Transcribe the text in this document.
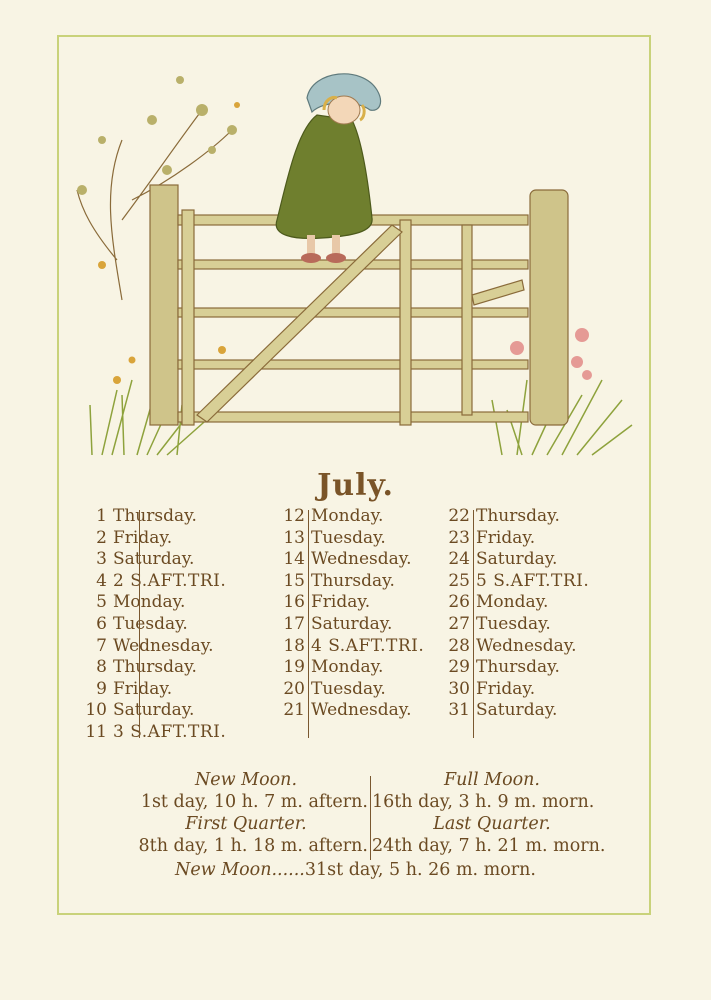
July.
1 Thursday.
2 Friday.
3 Saturday.
4 2 S.AFT.TRI.
5 Monday.
6 Tuesday.
7 Wednesday.
8 Thursday.
9 Friday.
10 Saturday.
11 3 S.AFT.TRI.
12 Monday.
13 Tuesday.
14 Wednesday.
15 Thursday.
16 Friday.
17 Saturday.
18 4 S.AFT.TRI.
19 Monday.
20 Tuesday.
21 Wednesday.
22 Thursday.
23 Friday.
24 Saturday.
25 5 S.AFT.TRI.
26 Monday.
27 Tuesday.
28 Wednesday.
29 Thursday.
30 Friday.
31 Saturday.
New Moon.	Full Moon.
1st day, 10 h. 7 m. aftern. 16th day, 3 h. 9 m. morn.
First Quarter.	Last Quarter.
8th day, 1 h. 18 m. aftern. 24th day, 7 h. 21 m. morn.
New Moon......31st day, 5 h. 26 m. morn.
